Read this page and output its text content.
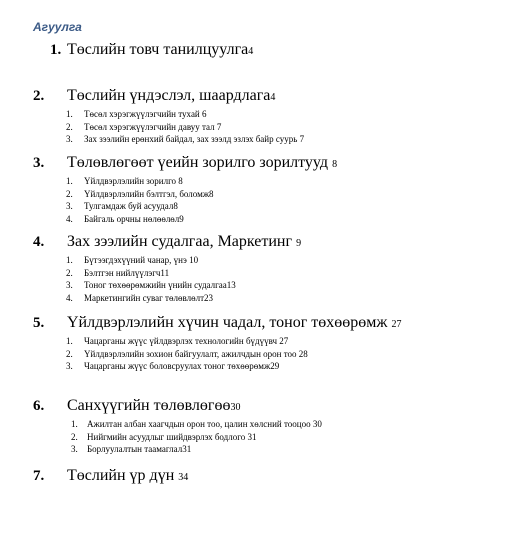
Агуулга
1. Төслийн товч танилцуулга4
2. Төслийн үндэслэл, шаардлага4
1. Төсөл хэрэгжүүлэгчийн тухай 6
2. Төсөл хэрэгжүүлэгчийн давуу тал 7
3. Зах зээлийн ерөнхий байдал, зах зээлд эзлэх байр суурь 7
3. Төлөвлөгөөт үеийн зорилго зорилтууд 8
1. Үйлдвэрлэлийн зорилго 8
2. Үйлдвэрлэлийн бэлтгэл, боломж8
3. Тулгамдаж буй асуудал8
4. Байгаль орчны нөлөөлөл9
4. Зах зээлийн судалгаа, Маркетинг 9
1. Бүтээгдэхүүний чанар, үнэ 10
2. Бэлтгэн нийлүүлэгч11
3. Тоног төхөөрөмжийн үнийн судалгаа13
4. Маркетингийн суваг төлөвлөлт23
5. Үйлдвэрлэлийн хүчин чадал, тоног төхөөрөмж 27
1. Чацарганы жүүс үйлдвэрлэх технологийн бүдүүвч 27
2. Үйлдвэрлэлийн зохион байгуулалт, ажилчдын орон тоо 28
3. Чацарганы жүүс боловсруулах тоног төхөөрөмж29
6. Санхүүгийн төлөвлөгөө30
1. Ажилтан албан хаагчдын орон тоо, цалин хөлсний тооцоо 30
2. Нийгмийн асуудлыг шийдвэрлэх бодлого 31
3. Борлуулалтын таамаглал31
7. Төслийн үр дүн 34
